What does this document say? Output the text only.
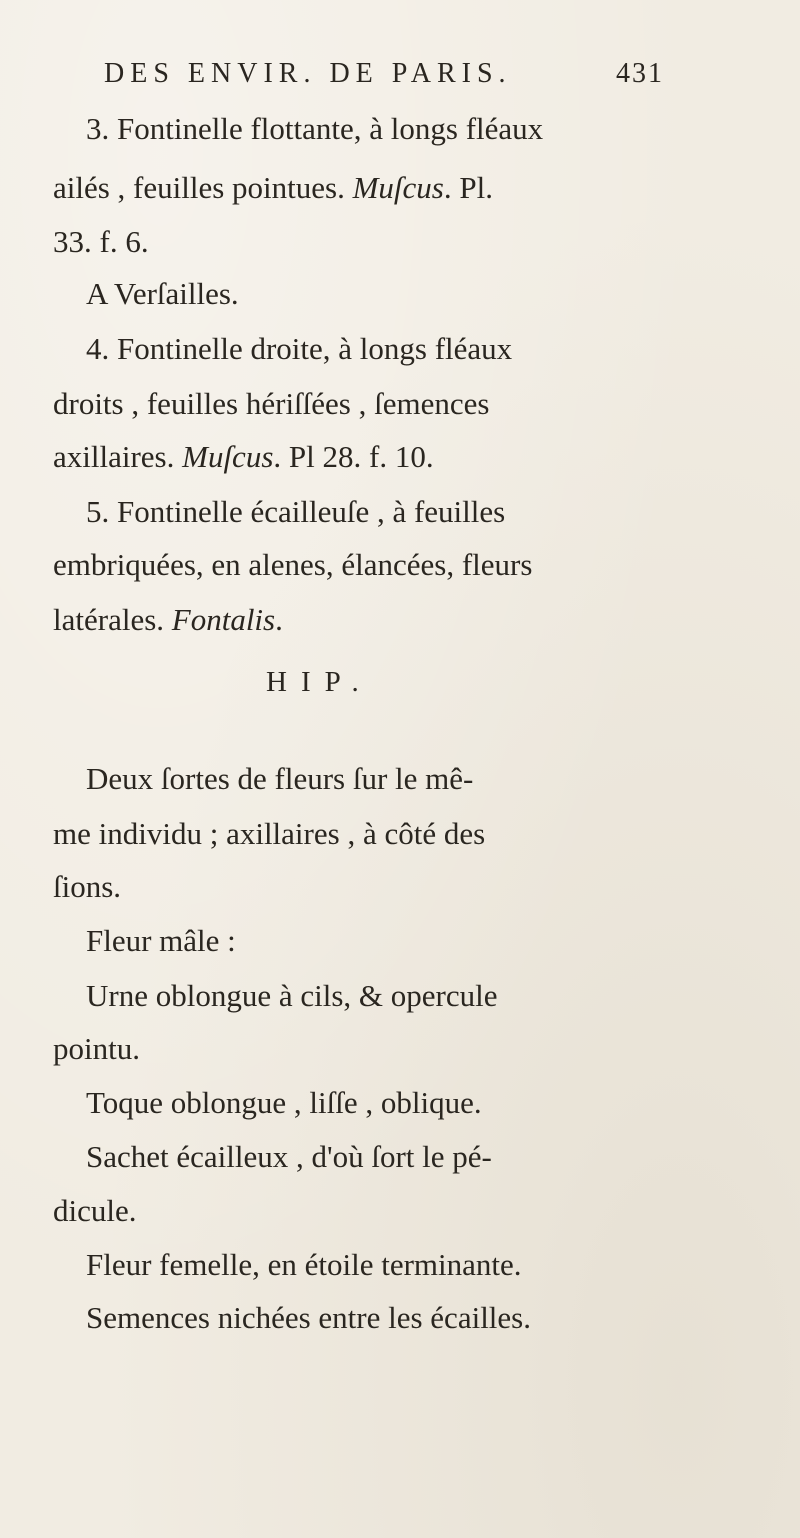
DES ENVIR. DE PARIS.	431
3. Fontinelle flottante, à longs fléaux
ailés , feuilles pointues. Muſcus. Pl.
33. f. 6.
A Verſailles.
4. Fontinelle droite, à longs fléaux
droits , feuilles hériſſées , ſemences
axillaires. Muſcus. Pl 28. f. 10.
5. Fontinelle écailleuſe , à feuilles
embriquées, en alenes, élancées, fleurs
latérales. Fontalis.
HIP.
Deux ſortes de fleurs ſur le mê-
me individu ; axillaires , à côté des
ſions.
Fleur mâle :
Urne oblongue à cils, & opercule
pointu.
Toque oblongue , liſſe , oblique.
Sachet écailleux , d'où ſort le pé-
dicule.
Fleur femelle, en étoile terminante.
Semences nichées entre les écailles.
